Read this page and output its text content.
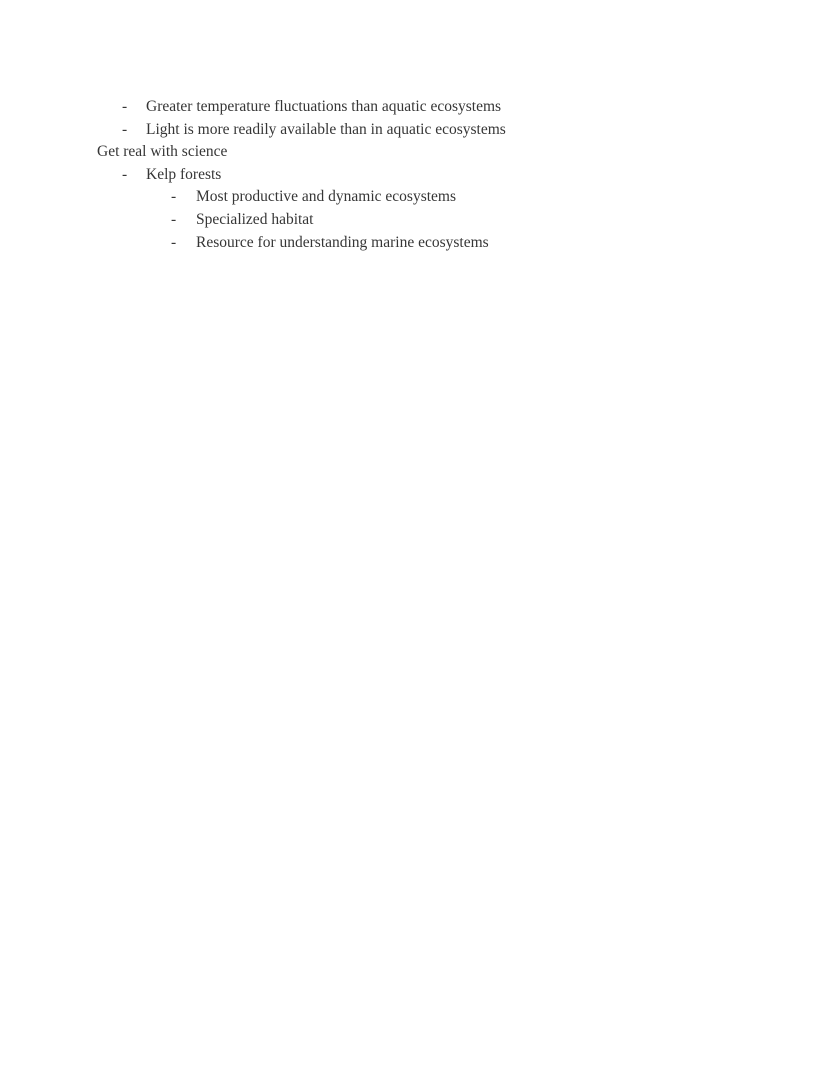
- Greater temperature fluctuations than aquatic ecosystems
- Light is more readily available than in aquatic ecosystems
Get real with science
- Kelp forests
- Most productive and dynamic ecosystems
- Specialized habitat
- Resource for understanding marine ecosystems
